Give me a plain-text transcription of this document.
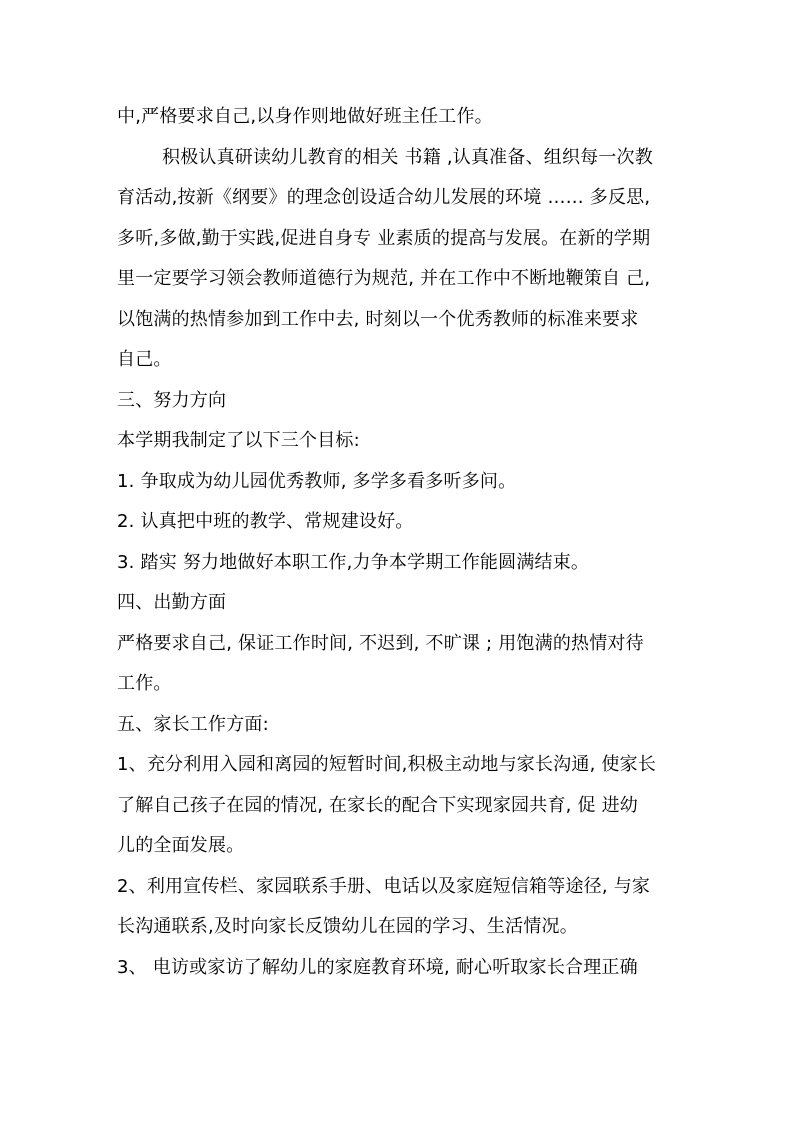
中,严格要求自己,以身作则地做好班主任工作。
积极认真研读幼儿教育的相关 书籍 ,认真准备、组织每一次教
育活动,按新《纲要》的理念创设适合幼儿发展的环境 …… 多反思,
多听,多做,勤于实践,促进自身专 业素质的提高与发展。在新的学期
里一定要学习领会教师道德行为规范, 并在工作中不断地鞭策自 己,
以饱满的热情参加到工作中去, 时刻以一个优秀教师的标准来要求
自己。
三、努力方向
本学期我制定了以下三个目标:
1. 争取成为幼儿园优秀教师, 多学多看多听多问。
2. 认真把中班的教学、常规建设好。
3. 踏实 努力地做好本职工作,力争本学期工作能圆满结束。
四、出勤方面
严格要求自己, 保证工作时间, 不迟到, 不旷课 ; 用饱满的热情对待
工作。
五、家长工作方面:
1、充分利用入园和离园的短暂时间,积极主动地与家长沟通, 使家长
了解自己孩子在园的情况, 在家长的配合下实现家园共育, 促 进幼
儿的全面发展。
2、利用宣传栏、家园联系手册、电话以及家庭短信箱等途径, 与家
长沟通联系,及时向家长反馈幼儿在园的学习、生活情况。
3、 电访或家访了解幼儿的家庭教育环境, 耐心听取家长合理正确
